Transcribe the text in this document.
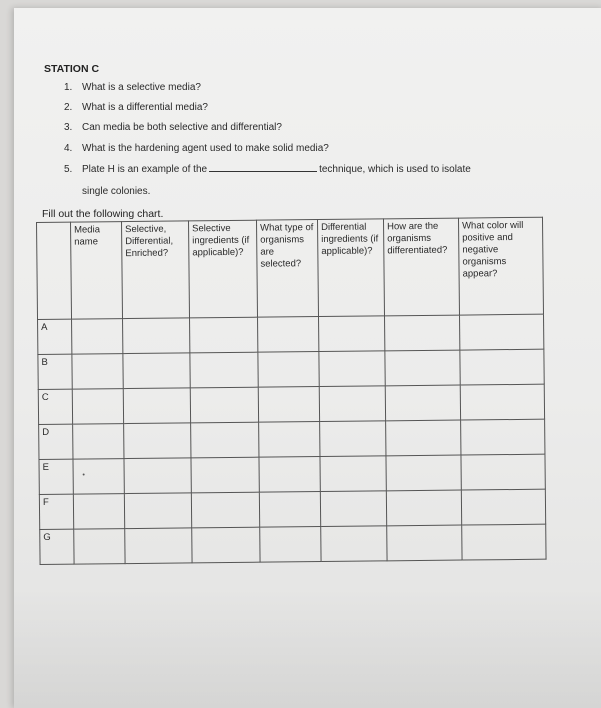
STATION C
1. What is a selective media?
2. What is a differential media?
3. Can media be both selective and differential?
4. What is the hardening agent used to make solid media?
5. Plate H is an example of the	technique, which is used to isolate
single colonies.
Fill out the following chart.
	Media name	Selective, Differential, Enriched?	Selective ingredients (if applicable)?	What type of organisms are selected?	Differential ingredients (if applicable)?	How are the organisms differentiated?	What color will positive and negative organisms appear?
A							
B							
C							
D							
E							
F							
G							
